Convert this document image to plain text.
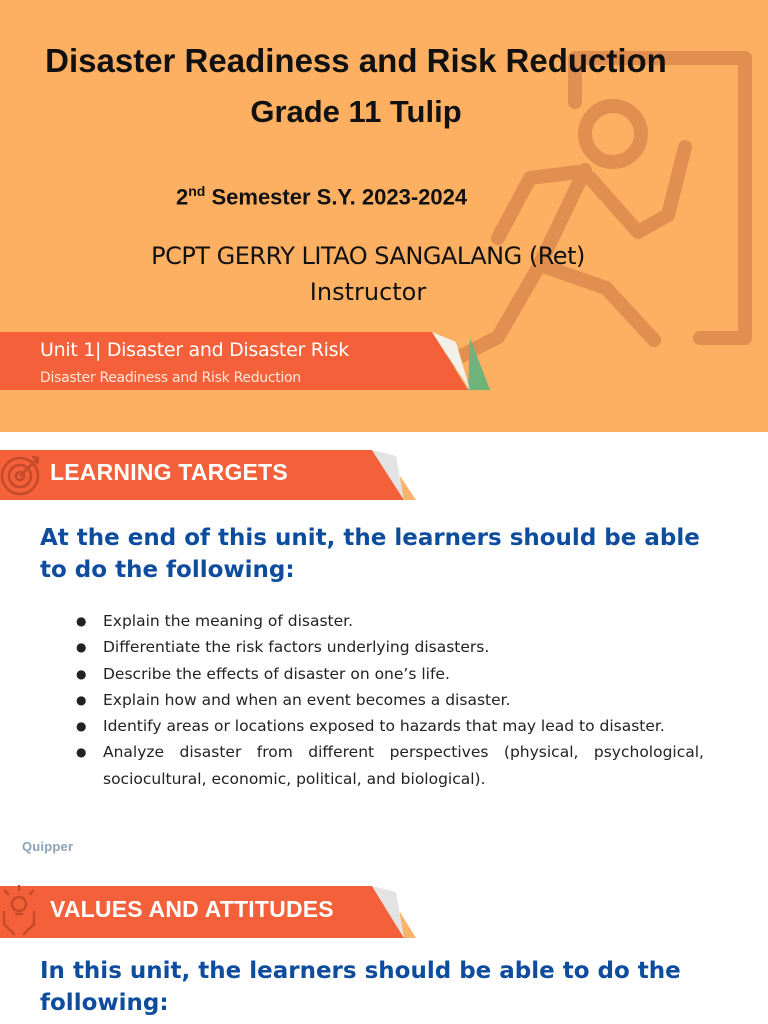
Disaster Readiness and Risk Reduction
Grade 11 Tulip
2nd Semester S.Y. 2023-2024
PCPT GERRY LITAO SANGALANG (Ret)
Instructor
Unit 1| Disaster and Disaster Risk
Disaster Readiness and Risk Reduction
LEARNING TARGETS

At the end of this unit, the learners should be able to do the following:

● Explain the meaning of disaster.
● Differentiate the risk factors underlying disasters.
● Describe the effects of disaster on one’s life.
● Explain how and when an event becomes a disaster.
● Identify areas or locations exposed to hazards that may lead to disaster.
● Analyze disaster from different perspectives (physical, psychological, sociocultural, economic, political, and biological).
Quipper
VALUES AND ATTITUDES

In this unit, the learners should be able to do the following:
